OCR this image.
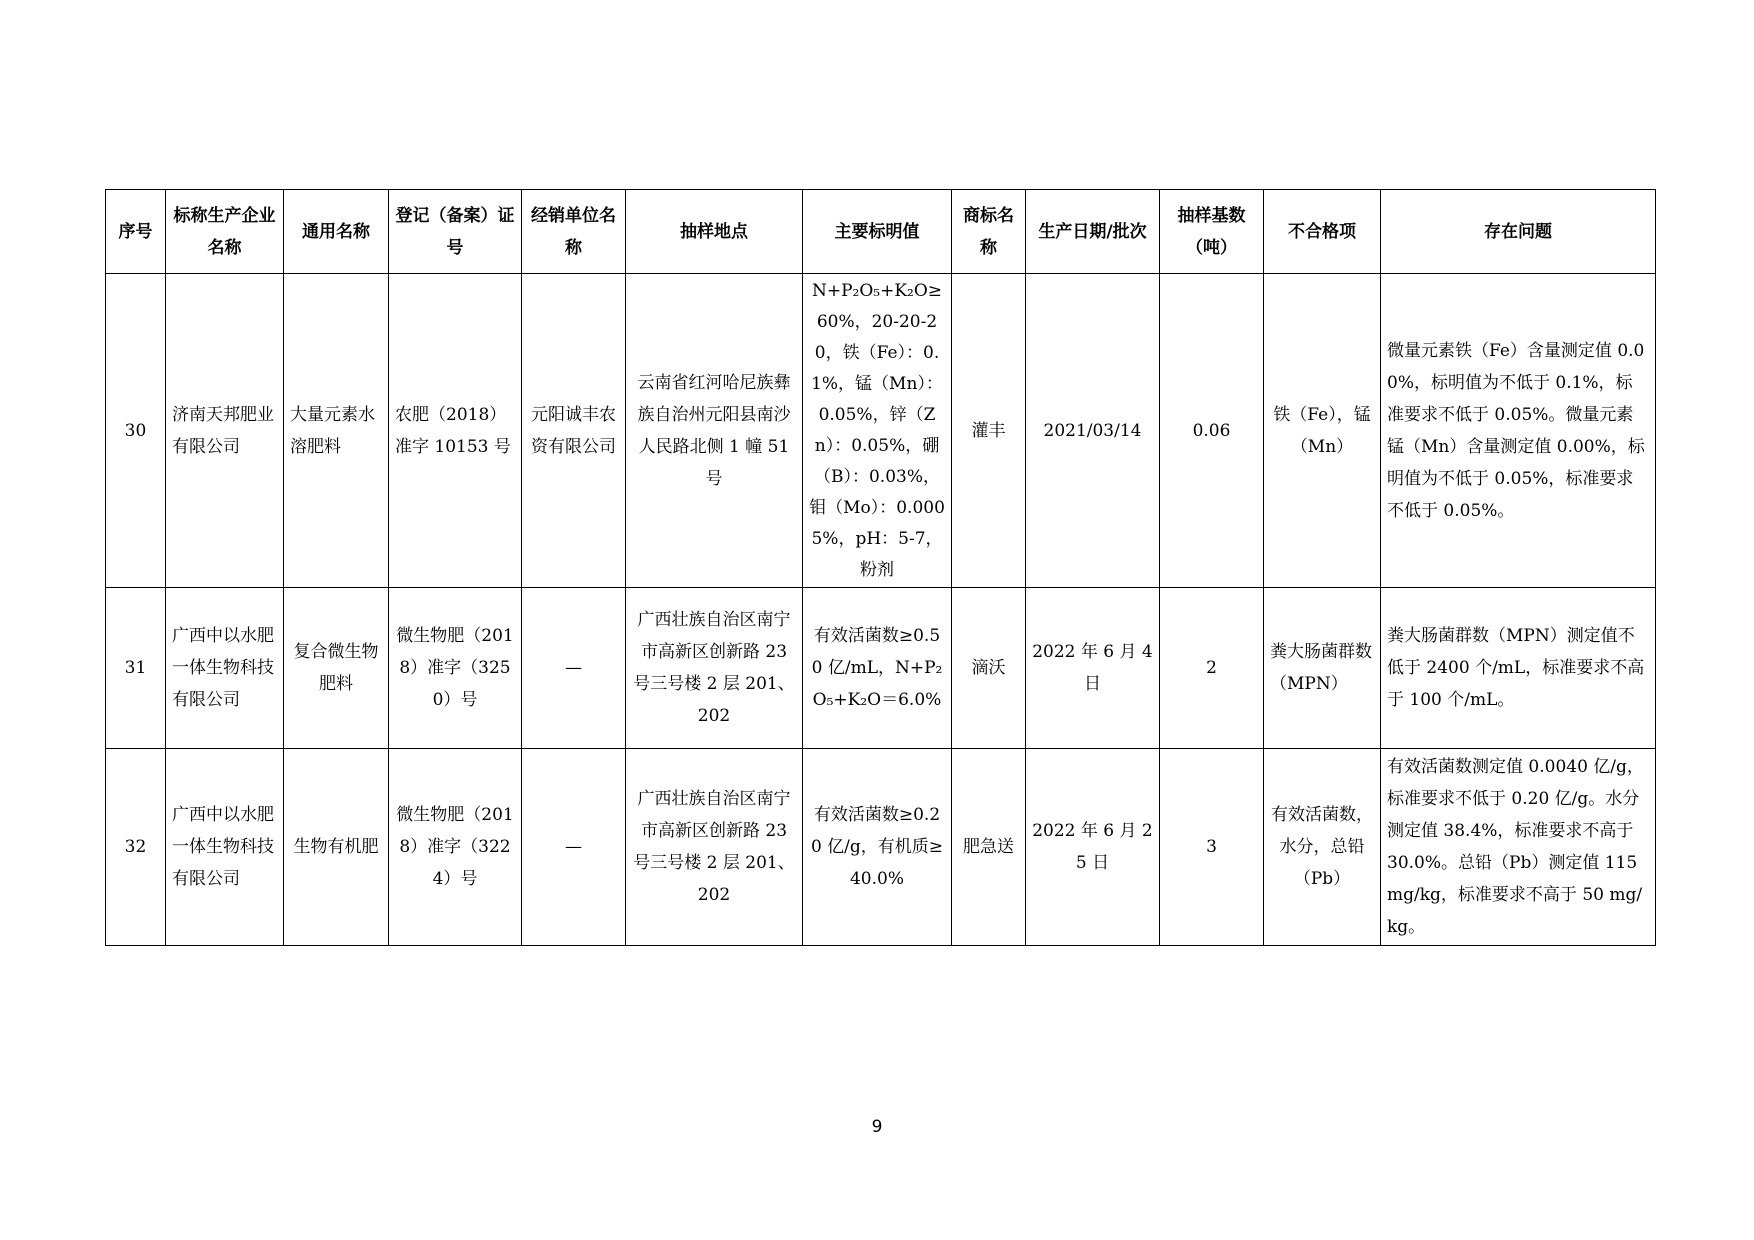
序号	标称生产企业名称	通用名称	登记（备案）证号	经销单位名称	抽样地点	主要标明值	商标名称	生产日期/批次	抽样基数（吨）	不合格项	存在问题
30	济南天邦肥业有限公司	大量元素水溶肥料	农肥（2018）准字 10153 号	元阳诚丰农资有限公司	云南省红河哈尼族彝族自治州元阳县南沙人民路北侧 1 幢 51 号	N+P₂O₅+K₂O≥60%，20-20-20，铁（Fe）：0.1%，锰（Mn）：0.05%，锌（Zn）：0.05%，硼（B）：0.03%，钼（Mo）：0.0005%，pH：5-7，粉剂	灌丰	2021/03/14	0.06	铁（Fe），锰（Mn）	微量元素铁（Fe）含量测定值 0.00%，标明值为不低于 0.1%，标准要求不低于 0.05%。微量元素锰（Mn）含量测定值 0.00%，标明值为不低于 0.05%，标准要求不低于 0.05%。
31	广西中以水肥一体生物科技有限公司	复合微生物肥料	微生物肥（2018）准字（3250）号	—	广西壮族自治区南宁市高新区创新路 23 号三号楼 2 层 201、202	有效活菌数≥0.50 亿/mL，N+P₂O₅+K₂O＝6.0%	滴沃	2022 年 6 月 4 日	2	粪大肠菌群数（MPN）	粪大肠菌群数（MPN）测定值不低于 2400 个/mL，标准要求不高于 100 个/mL。
32	广西中以水肥一体生物科技有限公司	生物有机肥	微生物肥（2018）准字（3224）号	—	广西壮族自治区南宁市高新区创新路 23 号三号楼 2 层 201、202	有效活菌数≥0.20 亿/g，有机质≥40.0%	肥急送	2022 年 6 月 25 日	3	有效活菌数，水分，总铅（Pb）	有效活菌数测定值 0.0040 亿/g，标准要求不低于 0.20 亿/g。水分测定值 38.4%，标准要求不高于 30.0%。总铅（Pb）测定值 115 mg/kg，标准要求不高于 50 mg/kg。
9
